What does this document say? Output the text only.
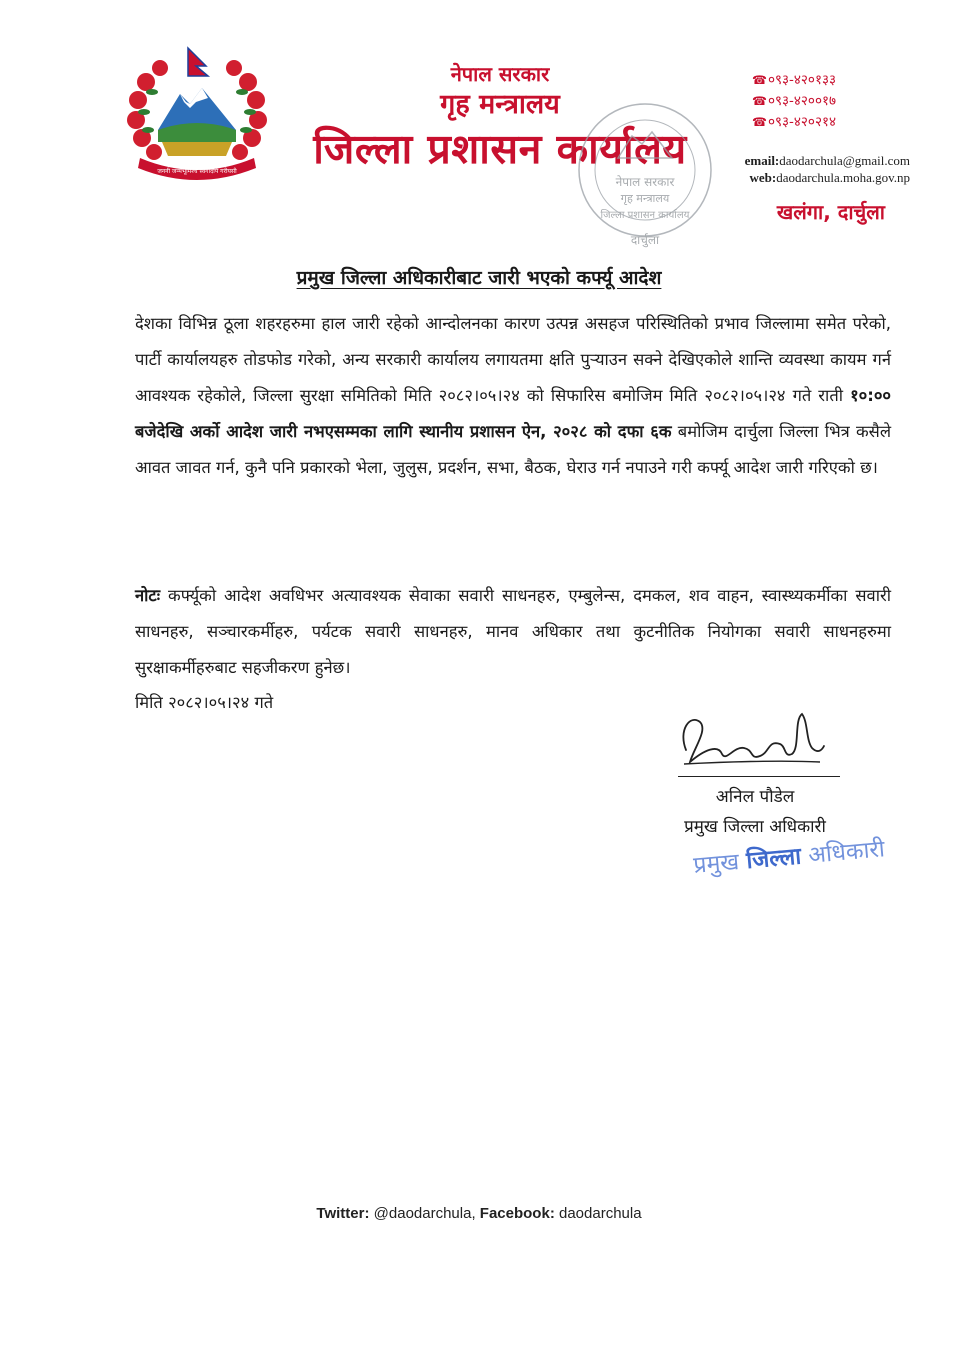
जननी जन्मभूमिश्च स्वर्गादपि गरीयसी
नेपाल सरकार
गृह मन्त्रालय
जिल्ला प्रशासन कार्यालय
नेपाल सरकार
गृह मन्त्रालय
जिल्ला प्रशासन कार्यालय
दार्चुला
☎०९३-४२०१३३
☎०९३-४२००१७
☎०९३-४२०२१४
email:daodarchula@gmail.com
web:daodarchula.moha.gov.np
खलंगा, दार्चुला
प्रमुख जिल्ला अधिकारीबाट जारी भएको कर्फ्यू आदेश
देशका विभिन्न ठूला शहरहरुमा हाल जारी रहेको आन्दोलनका कारण उत्पन्न असहज परिस्थितिको प्रभाव जिल्लामा समेत परेको, पार्टी कार्यालयहरु तोडफोड गरेको, अन्य सरकारी कार्यालय लगायतमा क्षति पुऱ्याउन सक्ने देखिएकोले शान्ति व्यवस्था कायम गर्न आवश्यक रहेकोले, जिल्ला सुरक्षा समितिको मिति २०८२।०५।२४ को सिफारिस बमोजिम मिति २०८२।०५।२४ गते राती १०:०० बजेदेखि अर्को आदेश जारी नभएसम्मका लागि स्थानीय प्रशासन ऐन, २०२८ को दफा ६क बमोजिम दार्चुला जिल्ला भित्र कसैले आवत जावत गर्न, कुनै पनि प्रकारको भेला, जुलुस, प्रदर्शन, सभा, बैठक, घेराउ गर्न नपाउने गरी कर्फ्यू आदेश जारी गरिएको छ।
नोटः कर्फ्यूको आदेश अवधिभर अत्यावश्यक सेवाका सवारी साधनहरु, एम्बुलेन्स, दमकल, शव वाहन, स्वास्थ्यकर्मीका सवारी साधनहरु, सञ्चारकर्मीहरु, पर्यटक सवारी साधनहरु, मानव अधिकार तथा कुटनीतिक नियोगका सवारी साधनहरुमा सुरक्षाकर्मीहरुबाट सहजीकरण हुनेछ।
मिति २०८२।०५।२४ गते
अनिल पौडेल
प्रमुख जिल्ला अधिकारी
प्रमुख जिल्ला अधिकारी
Twitter: @daodarchula, Facebook: daodarchula
